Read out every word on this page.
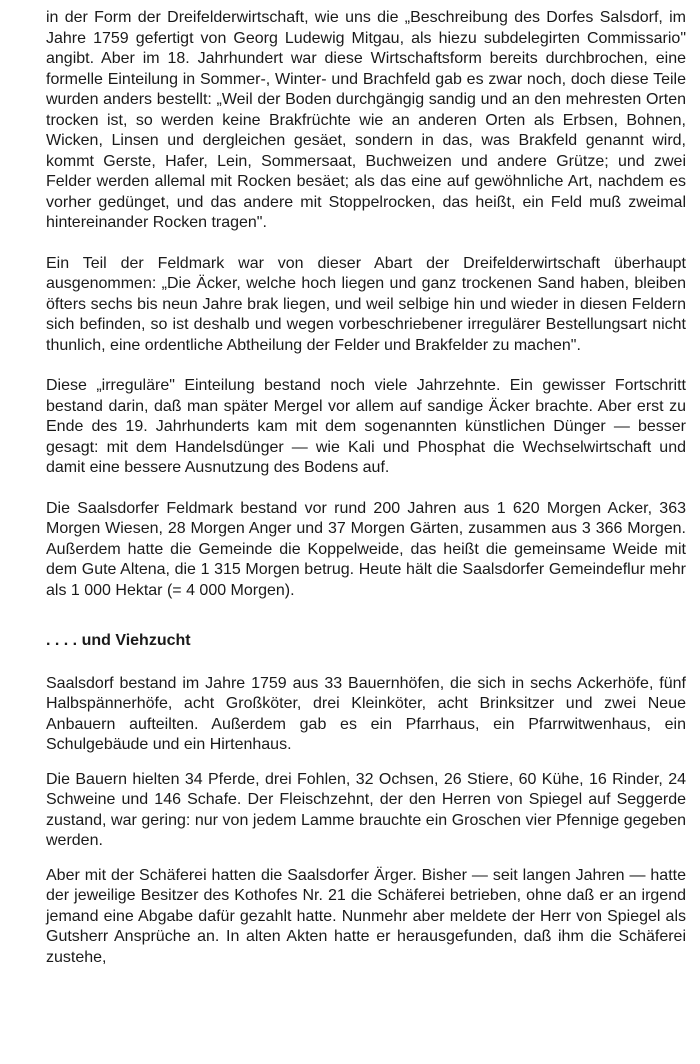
in der Form der Dreifelderwirtschaft, wie uns die „Beschreibung des Dorfes Salsdorf, im Jahre 1759 gefertigt von Georg Ludewig Mitgau, als hiezu subdelegirten Commissario" angibt. Aber im 18. Jahrhundert war diese Wirtschaftsform bereits durchbrochen, eine formelle Einteilung in Sommer-, Winter- und Brachfeld gab es zwar noch, doch diese Teile wurden anders bestellt: „Weil der Boden durchgängig sandig und an den mehresten Orten trocken ist, so werden keine Brakfrüchte wie an anderen Orten als Erbsen, Bohnen, Wicken, Linsen und dergleichen gesäet, sondern in das, was Brakfeld genannt wird, kommt Gerste, Hafer, Lein, Sommersaat, Buchweizen und andere Grütze; und zwei Felder werden allemal mit Rocken besäet; als das eine auf gewöhnliche Art, nachdem es vorher gedünget, und das andere mit Stoppelrocken, das heißt, ein Feld muß zweimal hintereinander Rocken tragen".

Ein Teil der Feldmark war von dieser Abart der Dreifelderwirtschaft überhaupt ausgenommen: „Die Äcker, welche hoch liegen und ganz trockenen Sand haben, bleiben öfters sechs bis neun Jahre brak liegen, und weil selbige hin und wieder in diesen Feldern sich befinden, so ist deshalb und wegen vorbeschriebener irregulärer Bestellungsart nicht thunlich, eine ordentliche Abtheilung der Felder und Brakfelder zu machen".

Diese „irreguläre" Einteilung bestand noch viele Jahrzehnte. Ein gewisser Fortschritt bestand darin, daß man später Mergel vor allem auf sandige Äcker brachte. Aber erst zu Ende des 19. Jahrhunderts kam mit dem sogenannten künstlichen Dünger — besser gesagt: mit dem Handelsdünger — wie Kali und Phosphat die Wechselwirtschaft und damit eine bessere Ausnutzung des Bodens auf.

Die Saalsdorfer Feldmark bestand vor rund 200 Jahren aus 1 620 Morgen Acker, 363 Morgen Wiesen, 28 Morgen Anger und 37 Morgen Gärten, zusammen aus 3 366 Morgen. Außerdem hatte die Gemeinde die Koppelweide, das heißt die gemeinsame Weide mit dem Gute Altena, die 1 315 Morgen betrug. Heute hält die Saalsdorfer Gemeindeflur mehr als 1 000 Hektar (= 4 000 Morgen).

. . . . und Viehzucht

Saalsdorf bestand im Jahre 1759 aus 33 Bauernhöfen, die sich in sechs Ackerhöfe, fünf Halbspännerhöfe, acht Großköter, drei Kleinköter, acht Brinksitzer und zwei Neue Anbauern aufteilten. Außerdem gab es ein Pfarrhaus, ein Pfarrwitwenhaus, ein Schulgebäude und ein Hirtenhaus.

Die Bauern hielten 34 Pferde, drei Fohlen, 32 Ochsen, 26 Stiere, 60 Kühe, 16 Rinder, 24 Schweine und 146 Schafe. Der Fleischzehnt, der den Herren von Spiegel auf Seggerde zustand, war gering: nur von jedem Lamme brauchte ein Groschen vier Pfennige gegeben werden.

Aber mit der Schäferei hatten die Saalsdorfer Ärger. Bisher — seit langen Jahren — hatte der jeweilige Besitzer des Kothofes Nr. 21 die Schäferei betrieben, ohne daß er an irgend jemand eine Abgabe dafür gezahlt hatte. Nunmehr aber meldete der Herr von Spiegel als Gutsherr Ansprüche an. In alten Akten hatte er herausgefunden, daß ihm die Schäferei zustehe,
